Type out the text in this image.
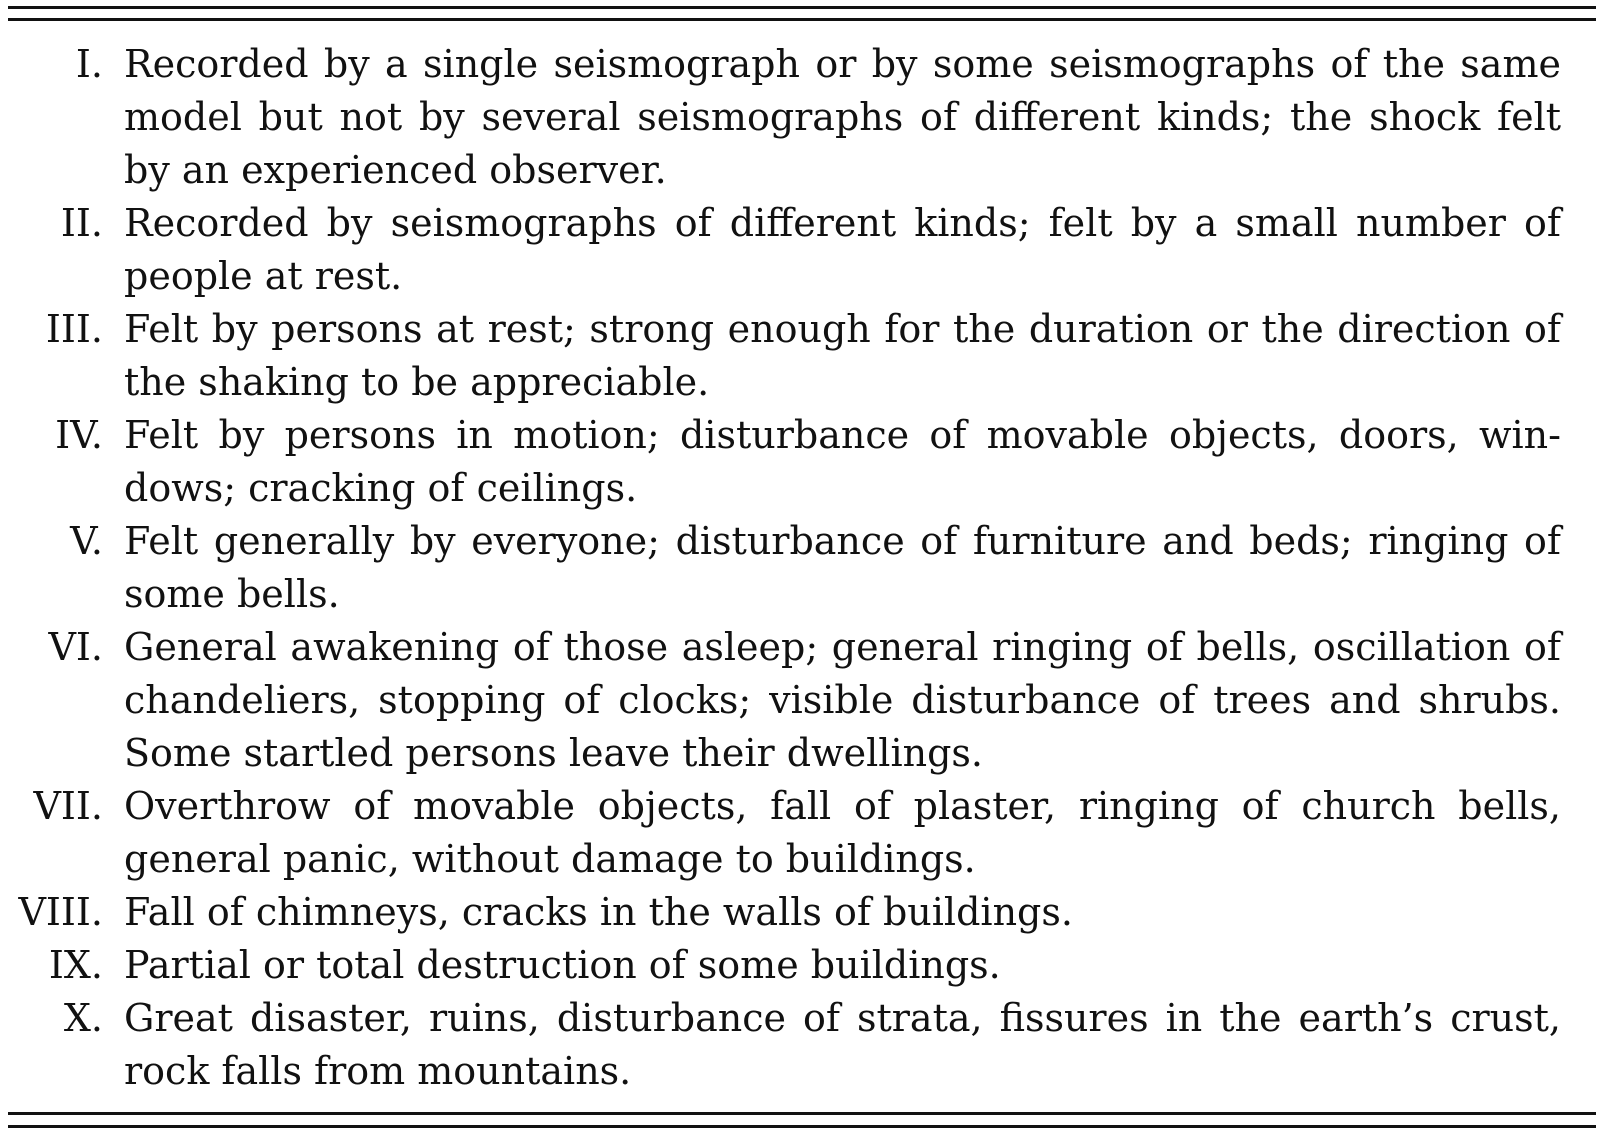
I. Recorded by a single seismograph or by some seismographs of the same model but not by several seismographs of different kinds; the shock felt by an experienced observer.
II. Recorded by seismographs of different kinds; felt by a small number of people at rest.
III. Felt by persons at rest; strong enough for the duration or the direction of the shaking to be appreciable.
IV. Felt by persons in motion; disturbance of movable objects, doors, windows; cracking of ceilings.
V. Felt generally by everyone; disturbance of furniture and beds; ringing of some bells.
VI. General awakening of those asleep; general ringing of bells, oscillation of chandeliers, stopping of clocks; visible disturbance of trees and shrubs. Some startled persons leave their dwellings.
VII. Overthrow of movable objects, fall of plaster, ringing of church bells, general panic, without damage to buildings.
VIII. Fall of chimneys, cracks in the walls of buildings.
IX. Partial or total destruction of some buildings.
X. Great disaster, ruins, disturbance of strata, fissures in the earth’s crust, rock falls from mountains.
